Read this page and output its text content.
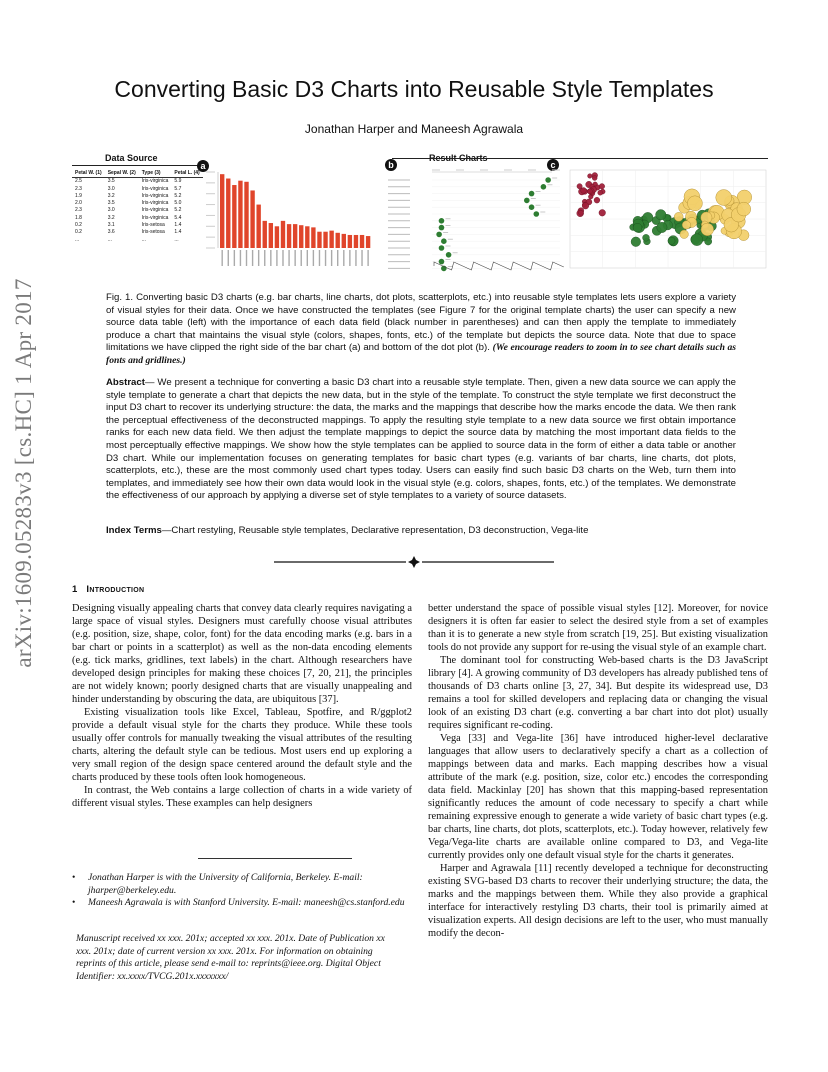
arXiv:1609.05283v3 [cs.HC] 1 Apr 2017
Converting Basic D3 Charts into Reusable Style Templates
Jonathan Harper and Maneesh Agrawala
Data Source	Result Charts
Petal W. (1)	Sepal W. (2)	Type (3)	Petal L. (4)
2.5	3.5	Iris-virginica	5.9
2.3	3.0	Iris-virginica	5.7
1.9	3.2	Iris-virginica	5.2
2.0	3.5	Iris-virginica	5.0
2.3	3.0	Iris-virginica	5.2
1.8	3.2	Iris-virginica	5.4
0.2	3.1	Iris-setosa	1.4
0.2	3.6	Iris-setosa	1.4
...	...	...	...
a	b	c
Fig. 1. Converting basic D3 charts (e.g. bar charts, line charts, dot plots, scatterplots, etc.) into reusable style templates lets users explore a variety of visual styles for their data. Once we have constructed the templates (see Figure 7 for the original template charts) the user can specify a new source data table (left) with the importance of each data field (black number in parentheses) and can then apply the template to immediately produce a chart that maintains the visual style (colors, shapes, fonts, etc.) of the template but depicts the source data. Note that due to space limitations we have clipped the right side of the bar chart (a) and bottom of the dot plot (b). (We encourage readers to zoom in to see chart details such as fonts and gridlines.)
Abstract— We present a technique for converting a basic D3 chart into a reusable style template. Then, given a new data source we can apply the style template to generate a chart that depicts the new data, but in the style of the template. To construct the style template we first deconstruct the input D3 chart to recover its underlying structure: the data, the marks and the mappings that describe how the marks encode the data. We then rank the perceptual effectiveness of the deconstructed mappings. To apply the resulting style template to a new data source we first obtain importance ranks for each new data field. We then adjust the template mappings to depict the source data by matching the most important data fields to the most perceptually effective mappings. We show how the style templates can be applied to source data in the form of either a data table or another D3 chart. While our implementation focuses on generating templates for basic chart types (e.g. variants of bar charts, line charts, dot plots, scatterplots, etc.), these are the most commonly used chart types today. Users can easily find such basic D3 charts on the Web, turn them into templates, and immediately see how their own data would look in the visual style (e.g. colors, shapes, fonts, etc.) of the templates. We demonstrate the effectiveness of our approach by applying a diverse set of style templates to a variety of source datasets.
Index Terms—Chart restyling, Reusable style templates, Declarative representation, D3 deconstruction, Vega-lite
1 Introduction

Designing visually appealing charts that convey data clearly requires navigating a large space of visual styles. Designers must carefully choose visual attributes (e.g. position, size, shape, color, font) for the data encoding marks (e.g. bars in a bar chart or points in a scatterplot) as well as the non-data encoding elements (e.g. tick marks, gridlines, text labels) in the chart. Although researchers have developed design principles for making these choices [7, 20, 21], the principles are not widely known; poorly designed charts that are visually unappealing and hinder understanding by obscuring the data, are ubiquitous [37].

Existing visualization tools like Excel, Tableau, Spotfire, and R/ggplot2 provide a default visual style for the charts they produce. While these tools usually offer controls for manually tweaking the visual attributes of the resulting charts, altering the default style can be tedious. Most users end up exploring a very small region of the design space centered around the default style and the charts produced by these tools often look homogeneous.

In contrast, the Web contains a large collection of charts in a wide variety of different visual styles. These examples can help designers

•	Jonathan Harper is with the University of California, Berkeley. E-mail: jharper@berkeley.edu.
•	Maneesh Agrawala is with Stanford University. E-mail: maneesh@cs.stanford.edu
Manuscript received xx xxx. 201x; accepted xx xxx. 201x. Date of Publication xx xxx. 201x; date of current version xx xxx. 201x. For information on obtaining reprints of this article, please send e-mail to: reprints@ieee.org. Digital Object Identifier: xx.xxxx/TVCG.201x.xxxxxxx/

better understand the space of possible visual styles [12]. Moreover, for novice designers it is often far easier to select the desired style from a set of examples than it is to generate a new style from scratch [19, 25]. But existing visualization tools do not provide any support for re-using the visual style of an example chart.

The dominant tool for constructing Web-based charts is the D3 JavaScript library [4]. A growing community of D3 developers has already published tens of thousands of D3 charts online [3, 27, 34]. But despite its widespread use, D3 remains a tool for skilled developers and replacing data or changing the visual look of an existing D3 chart (e.g. converting a bar chart into dot plot) usually requires significant re-coding.

Vega [33] and Vega-lite [36] have introduced higher-level declarative languages that allow users to declaratively specify a chart as a collection of mappings between data and marks. Each mapping describes how a visual attribute of the mark (e.g. position, size, color etc.) encodes the corresponding data field. Mackinlay [20] has shown that this mapping-based representation significantly reduces the amount of code necessary to specify a chart while remaining expressive enough to generate a wide variety of basic chart types (e.g. bar charts, line charts, dot plots, scatterplots, etc.). Today however, relatively few Vega/Vega-lite charts are available online compared to D3, and Vega-lite currently provides only one default visual style for the charts it generates.

Harper and Agrawala [11] recently developed a technique for deconstructing existing SVG-based D3 charts to recover their underlying structure; the data, the marks and the mappings between them. While they also provide a graphical interface for interactively restyling D3 charts, their tool is primarily aimed at visualization experts. All design decisions are left to the user, who must manually modify the decon-
